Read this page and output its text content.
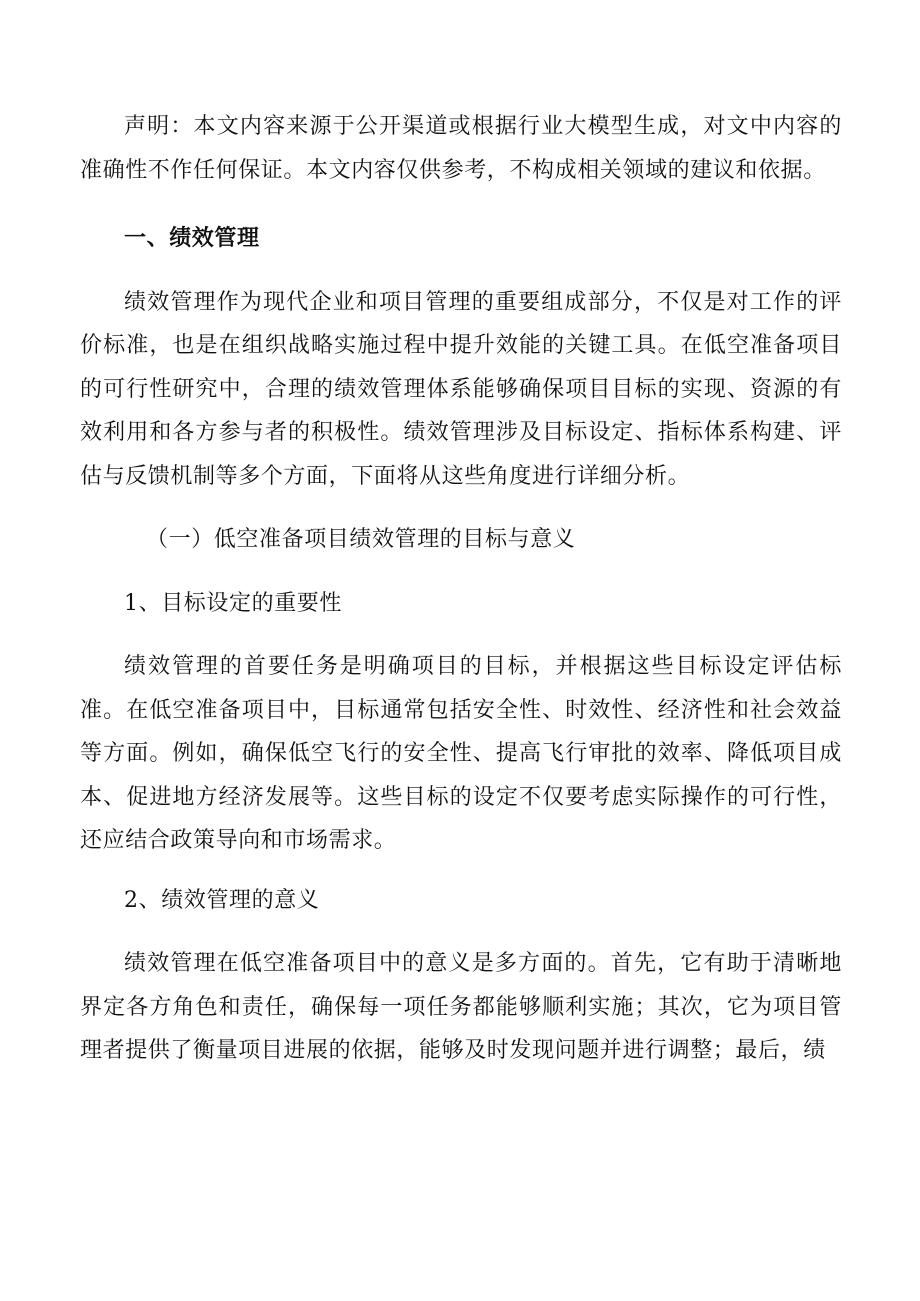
声明：本文内容来源于公开渠道或根据行业大模型生成，对文中内容的准确性不作任何保证。本文内容仅供参考，不构成相关领域的建议和依据。

一、绩效管理

绩效管理作为现代企业和项目管理的重要组成部分，不仅是对工作的评价标准，也是在组织战略实施过程中提升效能的关键工具。在低空准备项目的可行性研究中，合理的绩效管理体系能够确保项目目标的实现、资源的有效利用和各方参与者的积极性。绩效管理涉及目标设定、指标体系构建、评估与反馈机制等多个方面，下面将从这些角度进行详细分析。

（一）低空准备项目绩效管理的目标与意义

1、目标设定的重要性

绩效管理的首要任务是明确项目的目标，并根据这些目标设定评估标准。在低空准备项目中，目标通常包括安全性、时效性、经济性和社会效益等方面。例如，确保低空飞行的安全性、提高飞行审批的效率、降低项目成本、促进地方经济发展等。这些目标的设定不仅要考虑实际操作的可行性，还应结合政策导向和市场需求。

2、绩效管理的意义

绩效管理在低空准备项目中的意义是多方面的。首先，它有助于清晰地界定各方角色和责任，确保每一项任务都能够顺利实施；其次，它为项目管理者提供了衡量项目进展的依据，能够及时发现问题并进行调整；最后，绩
